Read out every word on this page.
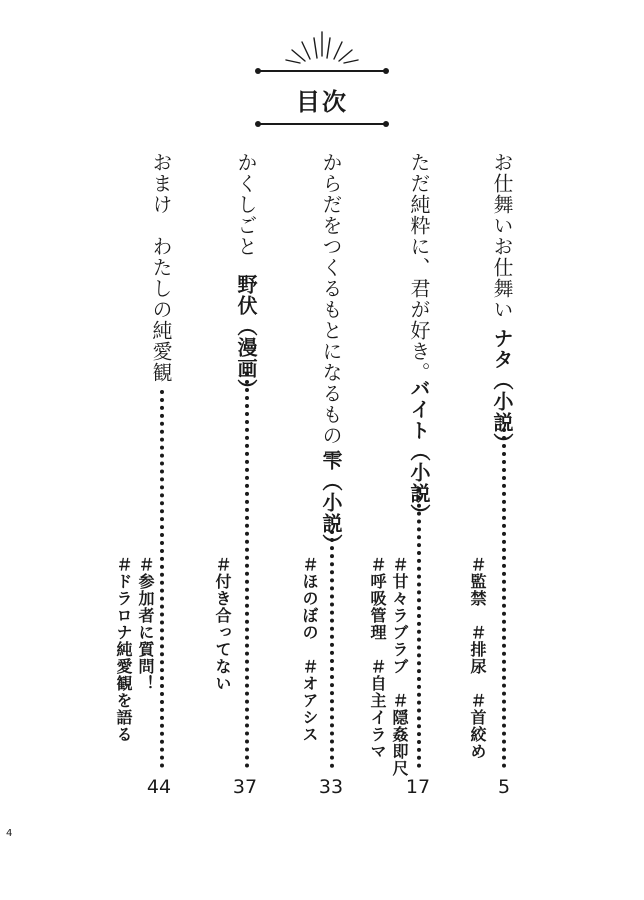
目次
お仕舞いお仕舞い
ナタ（小説）
＃監禁　＃排尿　＃首絞め
5
ただ純粋に、君が好き。
バイト（小説）
＃甘々ラブラブ　＃隠姦即尺
＃呼吸管理　＃自主イラマ
17
からだをつくるもとになるもの
雫（小説）
＃ほのぼの　＃オアシス
33
かくしごと
野伏（漫画）
＃付き合ってない
37
おまけ　わたしの純愛観
＃参加者に質問！
＃ドラロナ純愛観を語る
44
4
